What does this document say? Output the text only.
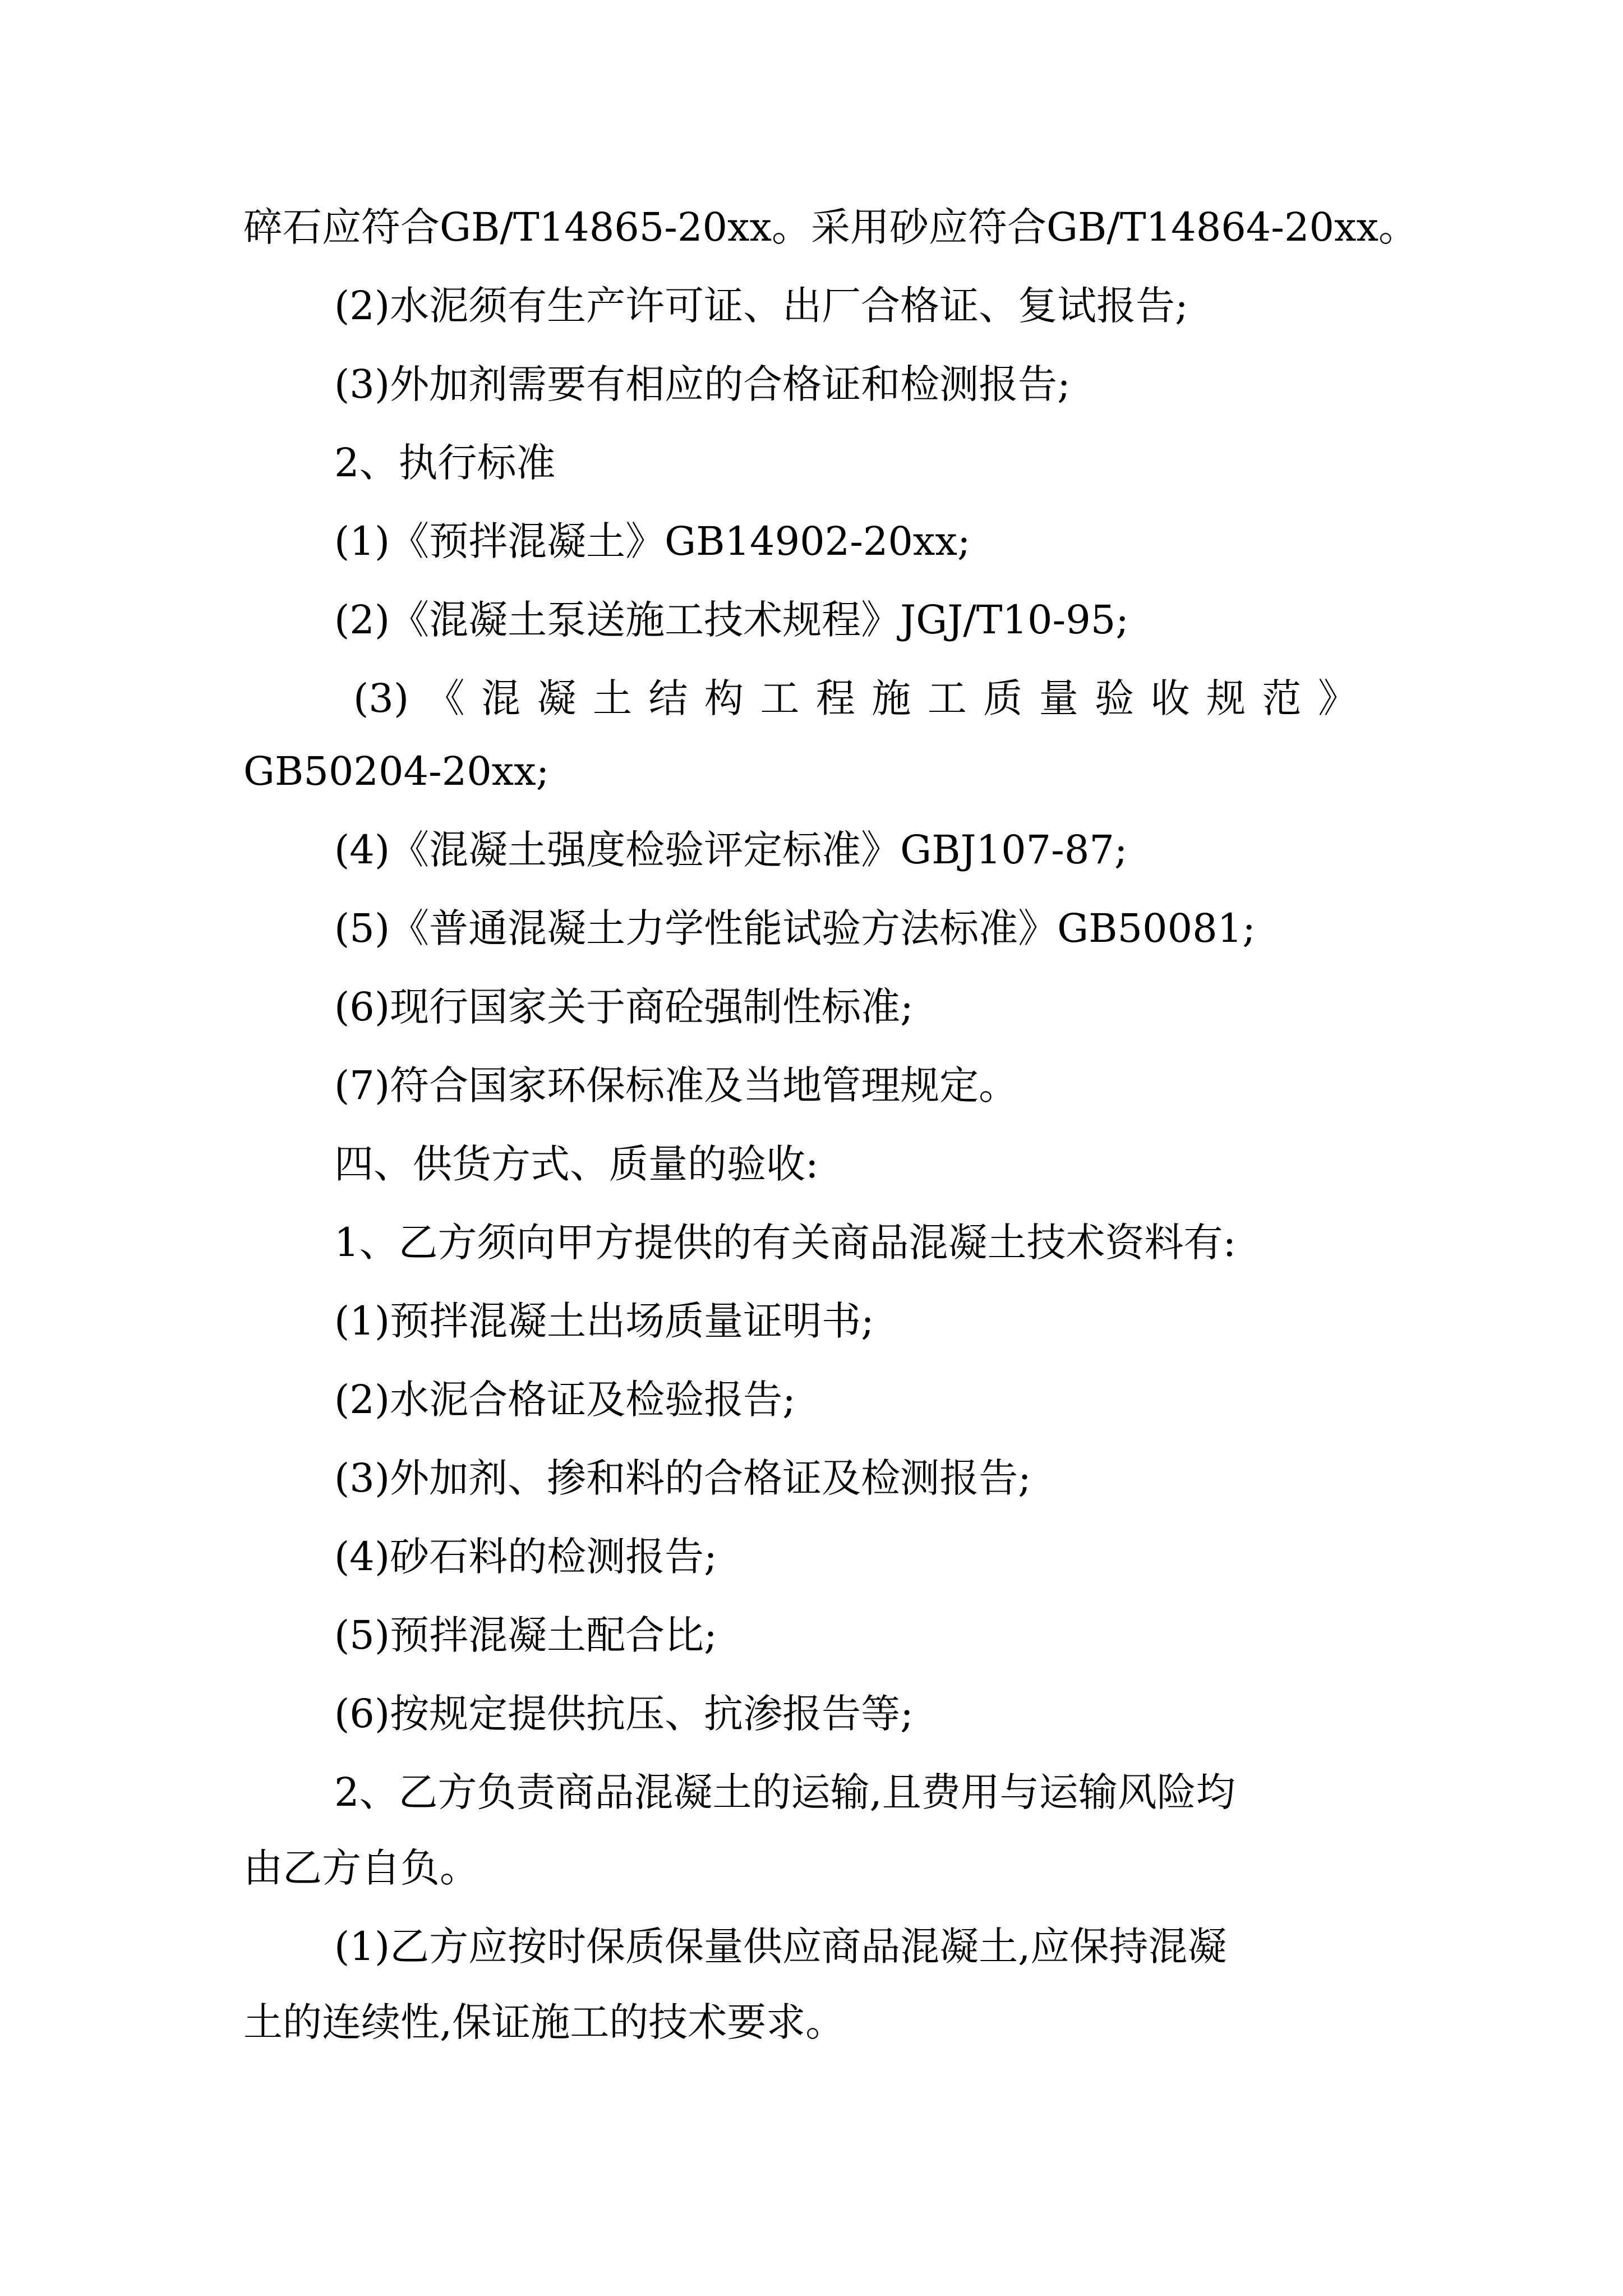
碎石应符合GB/T14865-20xx。采用砂应符合GB/T14864-20xx。
(2)水泥须有生产许可证、出厂合格证、复试报告;
(3)外加剂需要有相应的合格证和检测报告;
2、执行标准
(1)《预拌混凝土》GB14902-20xx;
(2)《混凝土泵送施工技术规程》JGJ/T10-95;
(3)《混凝土结构工程施工质量验收规范》
GB50204-20xx;
(4)《混凝土强度检验评定标准》GBJ107-87;
(5)《普通混凝土力学性能试验方法标准》GB50081;
(6)现行国家关于商砼强制性标准;
(7)符合国家环保标准及当地管理规定。
四、供货方式、质量的验收:
1、乙方须向甲方提供的有关商品混凝土技术资料有:
(1)预拌混凝土出场质量证明书;
(2)水泥合格证及检验报告;
(3)外加剂、掺和料的合格证及检测报告;
(4)砂石料的检测报告;
(5)预拌混凝土配合比;
(6)按规定提供抗压、抗渗报告等;
2、乙方负责商品混凝土的运输,且费用与运输风险均
由乙方自负。
(1)乙方应按时保质保量供应商品混凝土,应保持混凝
土的连续性,保证施工的技术要求。
